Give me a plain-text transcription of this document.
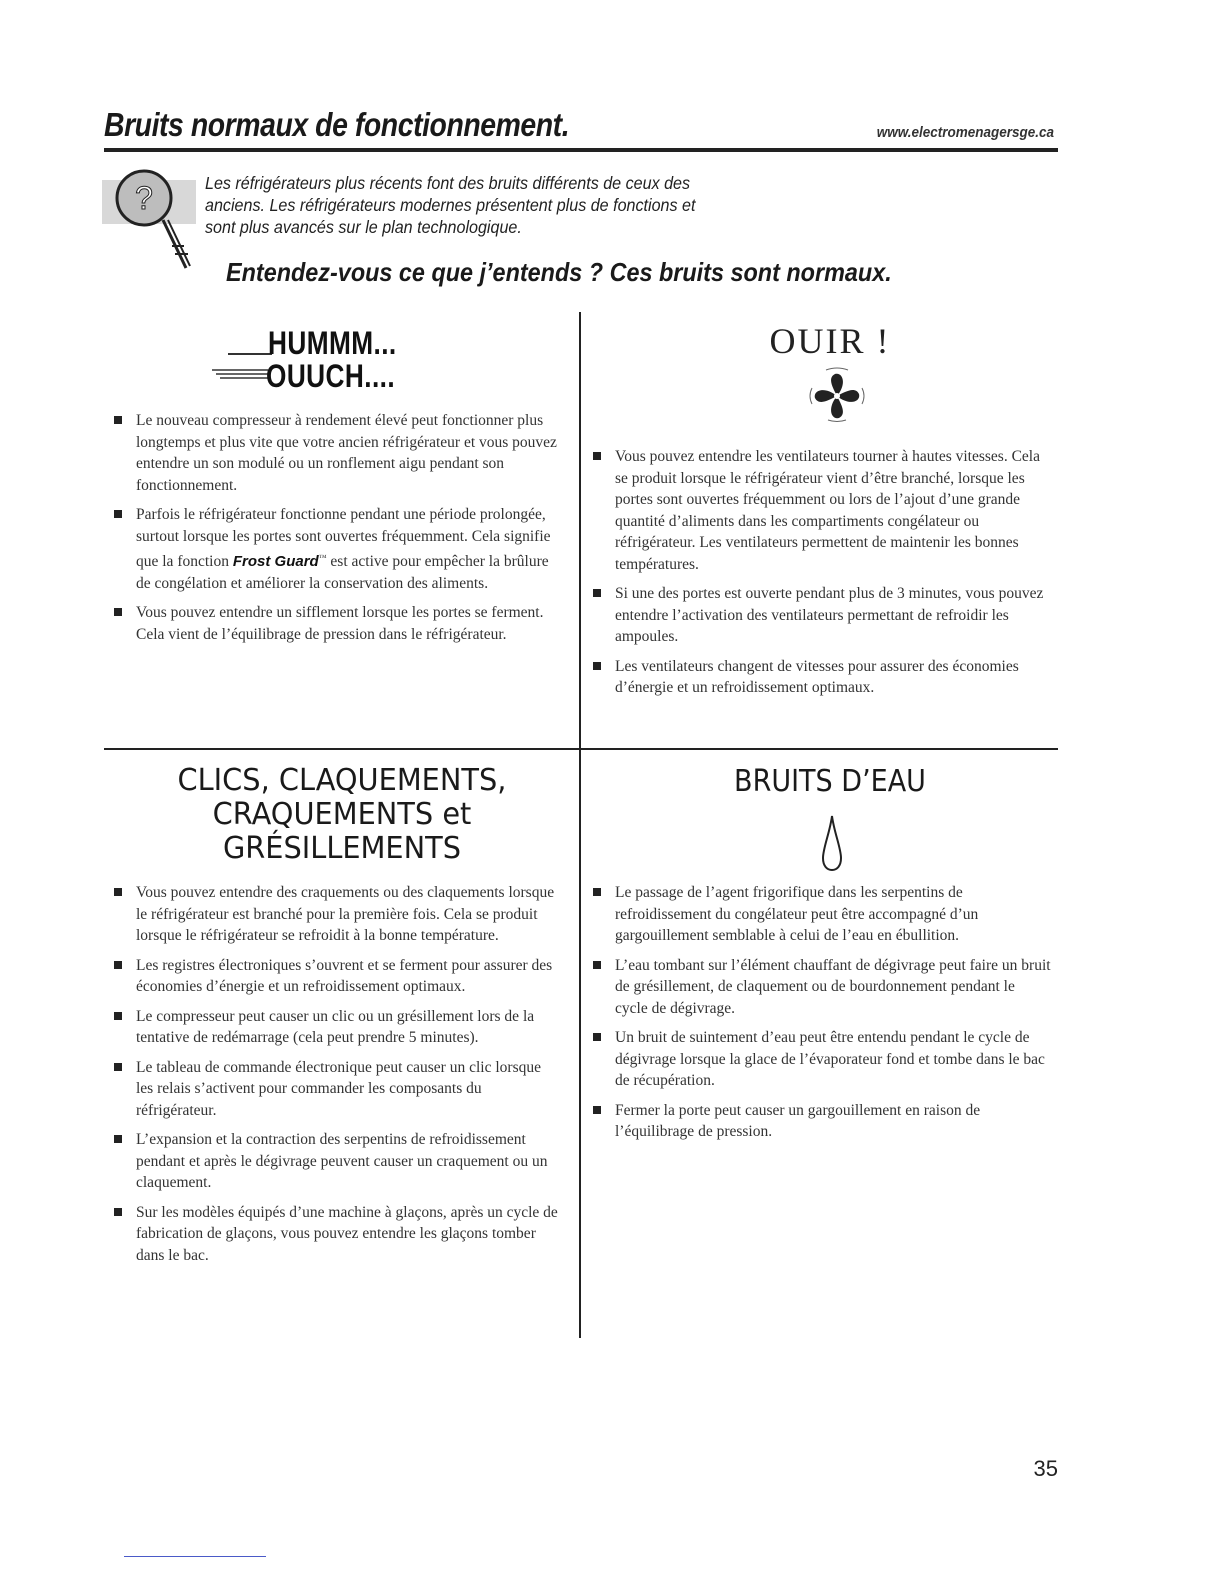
Bruits normaux de fonctionnement.	www.electromenagersge.ca
?	Les réfrigérateurs plus récents font des bruits différents de ceux des anciens. Les réfrigérateurs modernes présentent plus de fonctions et sont plus avancés sur le plan technologique.
Entendez-vous ce que j’entends ? Ces bruits sont normaux.
HUMMM...
OUUCH....
Le nouveau compresseur à rendement élevé peut fonctionner plus longtemps et plus vite que votre ancien réfrigérateur et vous pouvez entendre un son modulé ou un ronflement aigu pendant son fonctionnement.
Parfois le réfrigérateur fonctionne pendant une période prolongée, surtout lorsque les portes sont ouvertes fréquemment. Cela signifie que la fonction Frost Guard™ est active pour empêcher la brûlure de congélation et améliorer la conservation des aliments.
Vous pouvez entendre un sifflement lorsque les portes se ferment. Cela vient de l’équilibrage de pression dans le réfrigérateur.
OUIR !
Vous pouvez entendre les ventilateurs tourner à hautes vitesses. Cela se produit lorsque le réfrigérateur vient d’être branché, lorsque les portes sont ouvertes fréquemment ou lors de l’ajout d’une grande quantité d’aliments dans les compartiments congélateur ou réfrigérateur. Les ventilateurs permettent de maintenir les bonnes températures.
Si une des portes est ouverte pendant plus de 3 minutes, vous pouvez entendre l’activation des ventilateurs permettant de refroidir les ampoules.
Les ventilateurs changent de vitesses pour assurer des économies d’énergie et un refroidissement optimaux.
CLICS, CLAQUEMENTS,
CRAQUEMENTS et
GRÉSILLEMENTS
Vous pouvez entendre des craquements ou des claquements lorsque le réfrigérateur est branché pour la première fois. Cela se produit lorsque le réfrigérateur se refroidit à la bonne température.
Les registres électroniques s’ouvrent et se ferment pour assurer des économies d’énergie et un refroidissement optimaux.
Le compresseur peut causer un clic ou un grésillement lors de la tentative de redémarrage (cela peut prendre 5 minutes).
Le tableau de commande électronique peut causer un clic lorsque les relais s’activent pour commander les composants du réfrigérateur.
L’expansion et la contraction des serpentins de refroidissement pendant et après le dégivrage peuvent causer un craquement ou un claquement.
Sur les modèles équipés d’une machine à glaçons, après un cycle de fabrication de glaçons, vous pouvez entendre les glaçons tomber dans le bac.
BRUITS D’EAU
Le passage de l’agent frigorifique dans les serpentins de refroidissement du congélateur peut être accompagné d’un gargouillement semblable à celui de l’eau en ébullition.
L’eau tombant sur l’élément chauffant de dégivrage peut faire un bruit de grésillement, de claquement ou de bourdonnement pendant le cycle de dégivrage.
Un bruit de suintement d’eau peut être entendu pendant le cycle de dégivrage lorsque la glace de l’évaporateur fond et tombe dans le bac de récupération.
Fermer la porte peut causer un gargouillement en raison de l’équilibrage de pression.
35
